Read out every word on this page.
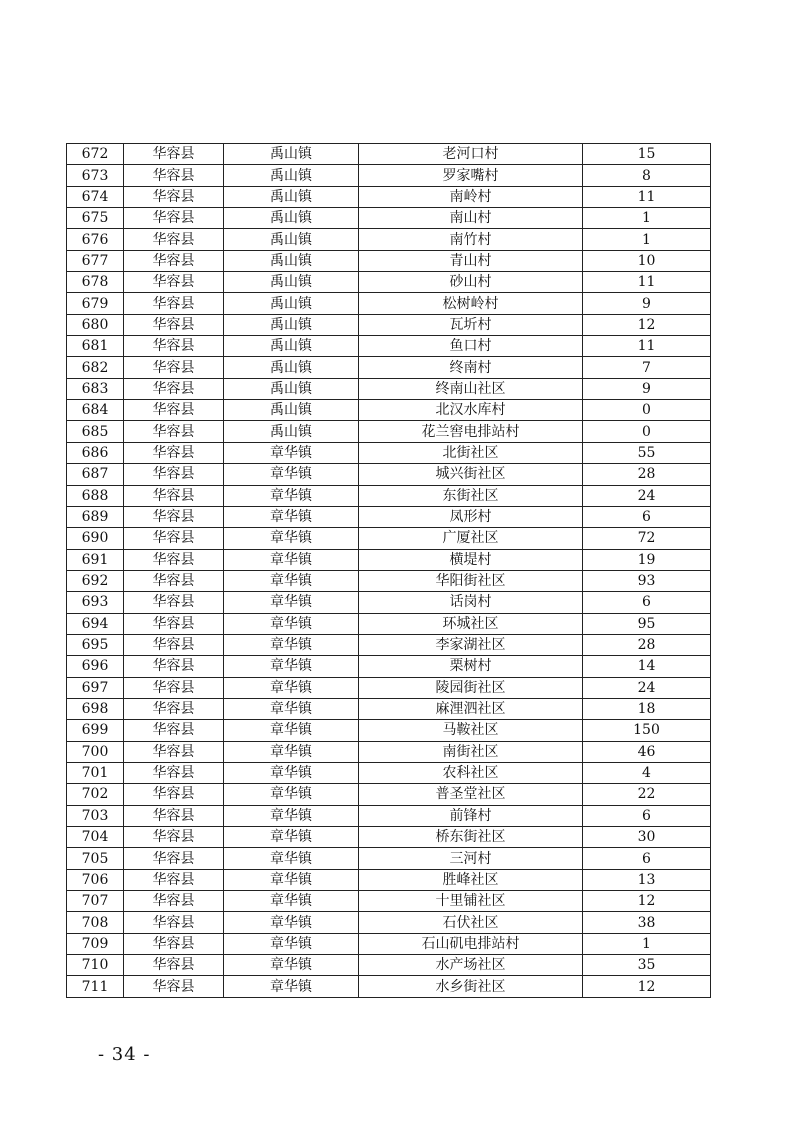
672	华容县	禹山镇	老河口村	15
673	华容县	禹山镇	罗家嘴村	8
674	华容县	禹山镇	南岭村	11
675	华容县	禹山镇	南山村	1
676	华容县	禹山镇	南竹村	1
677	华容县	禹山镇	青山村	10
678	华容县	禹山镇	砂山村	11
679	华容县	禹山镇	松树岭村	9
680	华容县	禹山镇	瓦圻村	12
681	华容县	禹山镇	鱼口村	11
682	华容县	禹山镇	终南村	7
683	华容县	禹山镇	终南山社区	9
684	华容县	禹山镇	北汉水库村	0
685	华容县	禹山镇	花兰窖电排站村	0
686	华容县	章华镇	北街社区	55
687	华容县	章华镇	城兴街社区	28
688	华容县	章华镇	东街社区	24
689	华容县	章华镇	凤形村	6
690	华容县	章华镇	广厦社区	72
691	华容县	章华镇	横堤村	19
692	华容县	章华镇	华阳街社区	93
693	华容县	章华镇	话岗村	6
694	华容县	章华镇	环城社区	95
695	华容县	章华镇	李家湖社区	28
696	华容县	章华镇	栗树村	14
697	华容县	章华镇	陵园街社区	24
698	华容县	章华镇	麻浬泗社区	18
699	华容县	章华镇	马鞍社区	150
700	华容县	章华镇	南街社区	46
701	华容县	章华镇	农科社区	4
702	华容县	章华镇	普圣堂社区	22
703	华容县	章华镇	前锋村	6
704	华容县	章华镇	桥东街社区	30
705	华容县	章华镇	三河村	6
706	华容县	章华镇	胜峰社区	13
707	华容县	章华镇	十里铺社区	12
708	华容县	章华镇	石伏社区	38
709	华容县	章华镇	石山矶电排站村	1
710	华容县	章华镇	水产场社区	35
711	华容县	章华镇	水乡街社区	12
- 34 -
